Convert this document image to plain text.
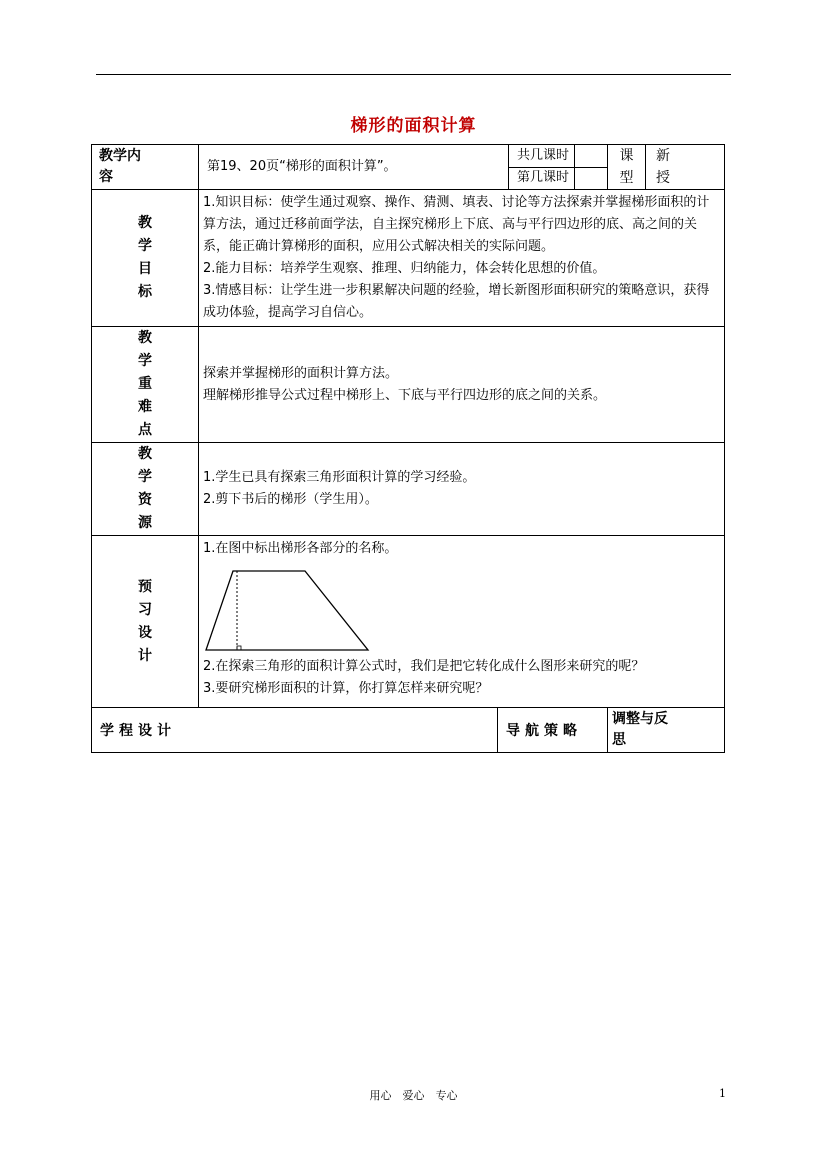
梯形的面积计算
教学内容	第19、20页“梯形的面积计算”。		共几课时		课型	新授

			第几课时			

教学目标	1.知识目标：使学生通过观察、操作、猜测、填表、讨论等方法探索并掌握梯形面积的计算方法，通过迁移前面学法，自主探究梯形上下底、高与平行四边形的底、高之间的关系，能正确计算梯形的面积，应用公式解决相关的实际问题。
2.能力目标：培养学生观察、推理、归纳能力，体会转化思想的价值。
3.情感目标：让学生进一步积累解决问题的经验，增长新图形面积研究的策略意识，获得成功体验，提高学习自信心。					

教学重难点	探索并掌握梯形的面积计算方法。
理解梯形推导公式过程中梯形上、下底与平行四边形的底之间的关系。					

教学资源	1.学生已具有探索三角形面积计算的学习经验。
2.剪下书后的梯形（学生用）。					

预习设计	1.在图中标出梯形各部分的名称。
2.在探索三角形的面积计算公式时，我们是把它转化成什么图形来研究的呢？
3.要研究梯形面积的计算，你打算怎样来研究呢？					

学程设计		导航策略			调整与反思	
用心　爱心　专心	1
